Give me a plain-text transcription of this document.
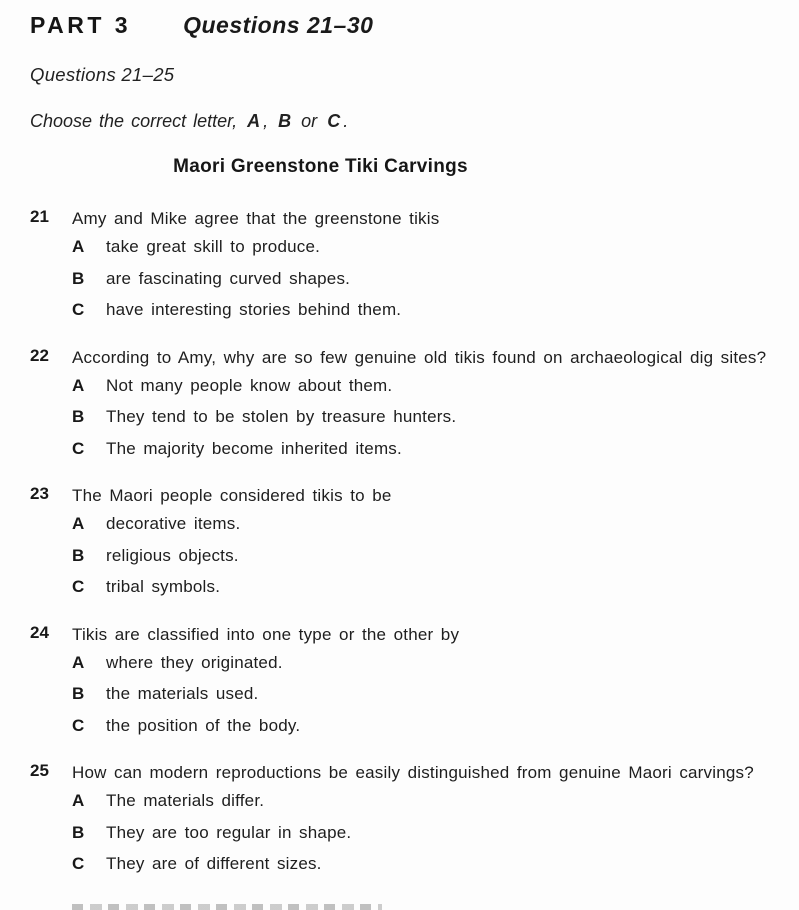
PART 3 Questions 21–30
Questions 21–25
Choose the correct letter, A , B or C .
Maori Greenstone Tiki Carvings
21	Amy and Mike agree that the greenstone tikis
A	take great skill to produce.
B	are fascinating curved shapes.
C	have interesting stories behind them.
22	According to Amy, why are so few genuine old tikis found on archaeological dig sites?
A	Not many people know about them.
B	They tend to be stolen by treasure hunters.
C	The majority become inherited items.
23	The Maori people considered tikis to be
A	decorative items.
B	religious objects.
C	tribal symbols.
24	Tikis are classified into one type or the other by
A	where they originated.
B	the materials used.
C	the position of the body.
25	How can modern reproductions be easily distinguished from genuine Maori carvings?
A	The materials differ.
B	They are too regular in shape.
C	They are of different sizes.
